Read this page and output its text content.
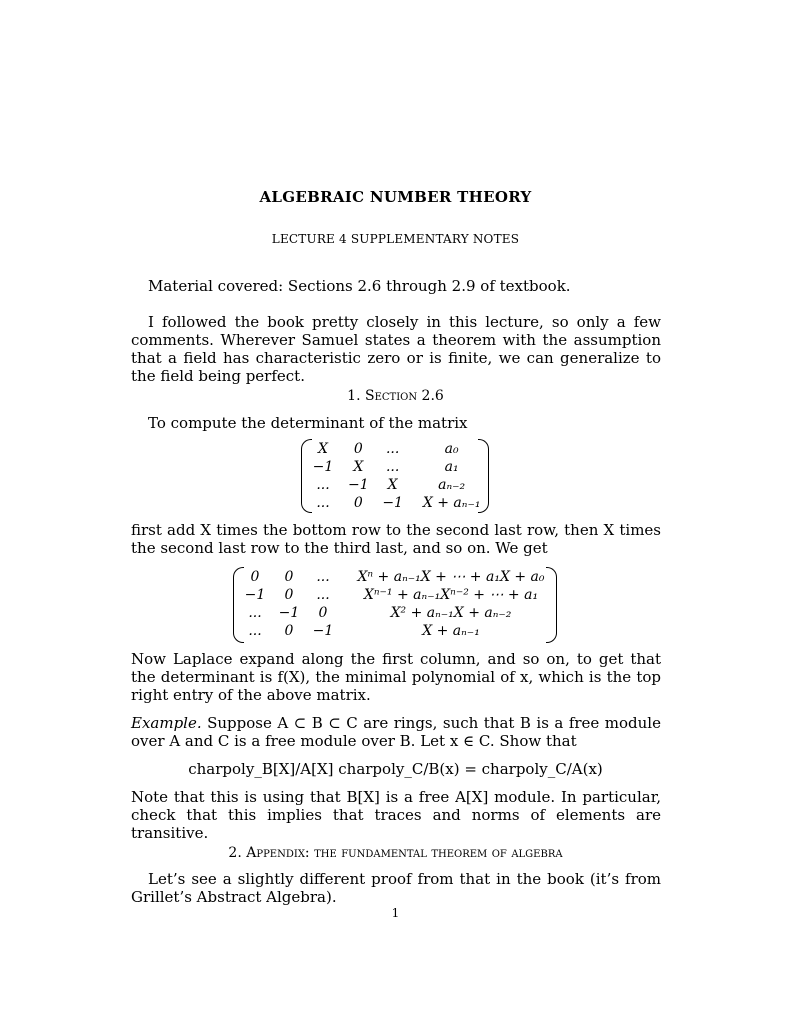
ALGEBRAIC NUMBER THEORY
LECTURE 4 SUPPLEMENTARY NOTES
Material covered: Sections 2.6 through 2.9 of textbook.
I followed the book pretty closely in this lecture, so only a few comments. Wherever Samuel states a theorem with the assumption that a field has characteristic zero or is finite, we can generalize to the field being perfect.
1. Section 2.6
To compute the determinant of the matrix
X	0	...	a₀
−1	X	...	a₁
...	−1	X	aₙ₋₂
...	0	−1	X + aₙ₋₁
first add X times the bottom row to the second last row, then X times the second last row to the third last, and so on. We get
0	0	...	Xⁿ + aₙ₋₁X + ⋯ + a₁X + a₀
−1	0	...	Xⁿ⁻¹ + aₙ₋₁Xⁿ⁻² + ⋯ + a₁
...	−1	0	X² + aₙ₋₁X + aₙ₋₂
...	0	−1	X + aₙ₋₁
Now Laplace expand along the first column, and so on, to get that the determinant is f(X), the minimal polynomial of x, which is the top right entry of the above matrix.
Example. Suppose A ⊂ B ⊂ C are rings, such that B is a free module over A and C is a free module over B. Let x ∈ C. Show that
charpoly_B[X]/A[X] charpoly_C/B(x) = charpoly_C/A(x)
Note that this is using that B[X] is a free A[X] module. In particular, check that this implies that traces and norms of elements are transitive.
2. Appendix: the fundamental theorem of algebra
Let’s see a slightly different proof from that in the book (it’s from Grillet’s Abstract Algebra).
1
